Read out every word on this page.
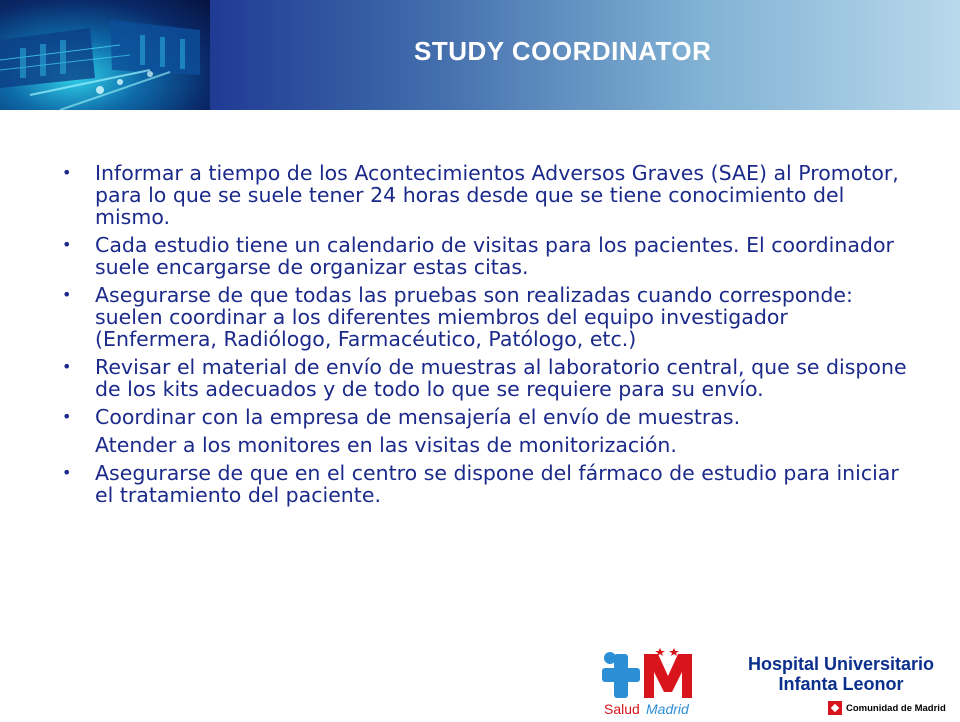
STUDY COORDINATOR
•	Informar a tiempo de los Acontecimientos Adversos Graves (SAE) al Promotor, para lo que se suele tener 24 horas desde que se tiene conocimiento del mismo.
•	Cada estudio tiene un calendario de visitas para los pacientes. El coordinador suele encargarse de organizar estas citas.
•	Asegurarse de que todas las pruebas son realizadas cuando corresponde: suelen coordinar a los diferentes miembros del equipo investigador (Enfermera, Radiólogo, Farmacéutico, Patólogo, etc.)
•	Revisar el material de envío de muestras al laboratorio central, que se dispone de los kits adecuados y de todo lo que se requiere para su envío.
•	Coordinar con la empresa de mensajería el envío de muestras.
Atender a los monitores en las visitas de monitorización.
•	Asegurarse de que en el centro se dispone del fármaco de estudio para iniciar el tratamiento del paciente.
Salud Madrid
Hospital Universitario
Infanta Leonor
Comunidad de Madrid
